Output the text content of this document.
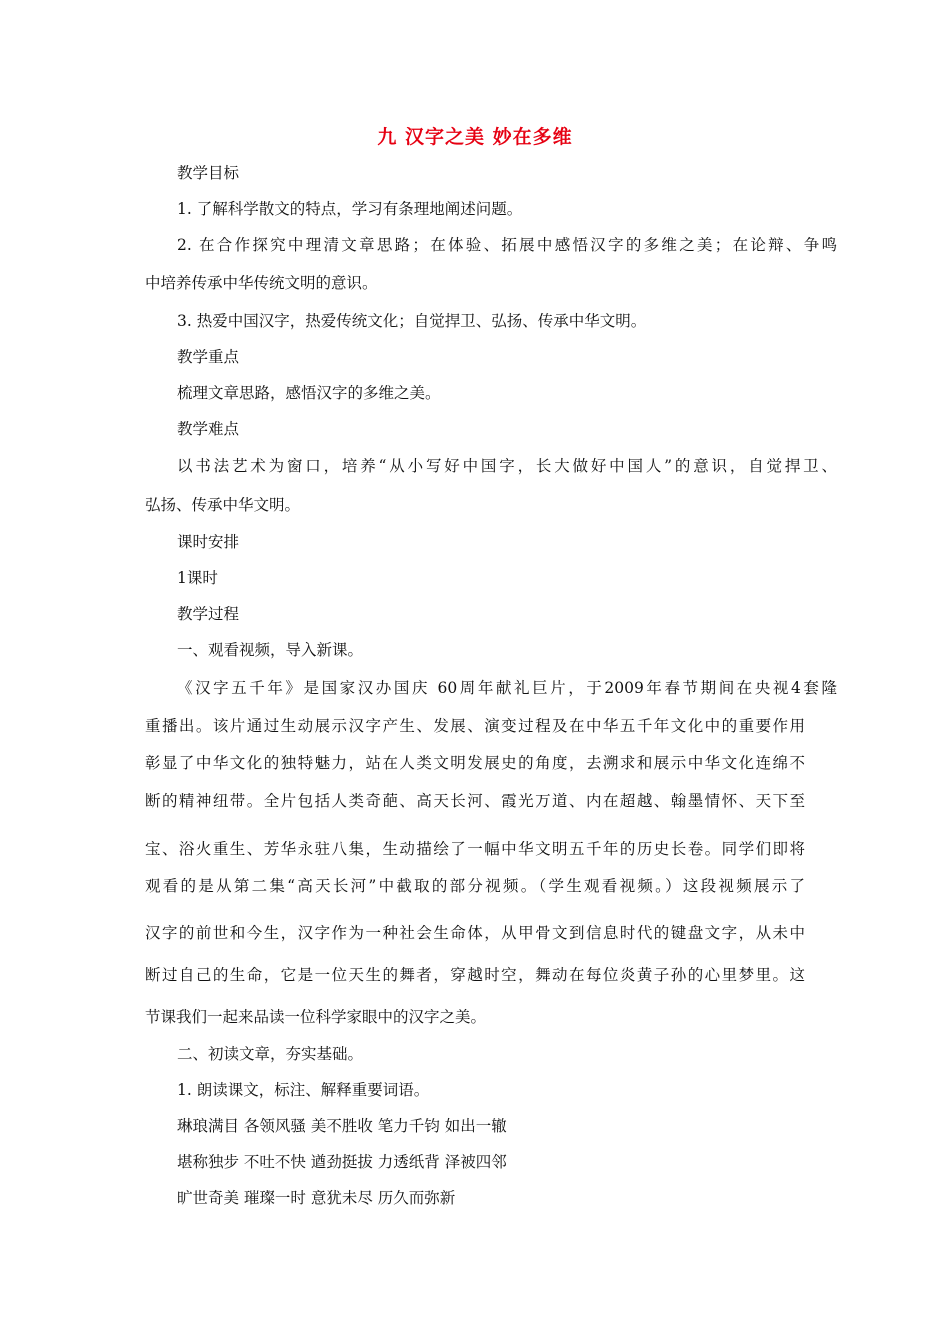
九 汉字之美 妙在多维
教学目标
1. 了解科学散文的特点，学习有条理地阐述问题。
2. 在合作探究中理清文章思路；在体验、拓展中感悟汉字的多维之美；在论辩、争鸣
中培养传承中华传统文明的意识。
3. 热爱中国汉字，热爱传统文化；自觉捍卫、弘扬、传承中华文明。
教学重点
梳理文章思路，感悟汉字的多维之美。
教学难点
以书法艺术为窗口，培养“从小写好中国字，长大做好中国人”的意识，自觉捍卫、
弘扬、传承中华文明。
课时安排
1课时
教学过程
一、观看视频，导入新课。
《汉字五千年》是国家汉办国庆 60周年献礼巨片，于2009年春节期间在央视4套隆
重播出。该片通过生动展示汉字产生、发展、演变过程及在中华五千年文化中的重要作用
彰显了中华文化的独特魅力，站在人类文明发展史的角度，去溯求和展示中华文化连绵不
断的精神纽带。全片包括人类奇葩、高天长河、霞光万道、内在超越、翰墨情怀、天下至
宝、浴火重生、芳华永驻八集，生动描绘了一幅中华文明五千年的历史长卷。同学们即将
观看的是从第二集“高天长河”中截取的部分视频。（学生观看视频。）这段视频展示了
汉字的前世和今生，汉字作为一种社会生命体，从甲骨文到信息时代的键盘文字，从未中
断过自己的生命，它是一位天生的舞者，穿越时空，舞动在每位炎黄子孙的心里梦里。这
节课我们一起来品读一位科学家眼中的汉字之美。
二、初读文章，夯实基础。
1. 朗读课文，标注、解释重要词语。
琳琅满目 各领风骚 美不胜收 笔力千钧 如出一辙
堪称独步 不吐不快 遒劲挺拔 力透纸背 泽被四邻
旷世奇美 璀璨一时 意犹未尽 历久而弥新
